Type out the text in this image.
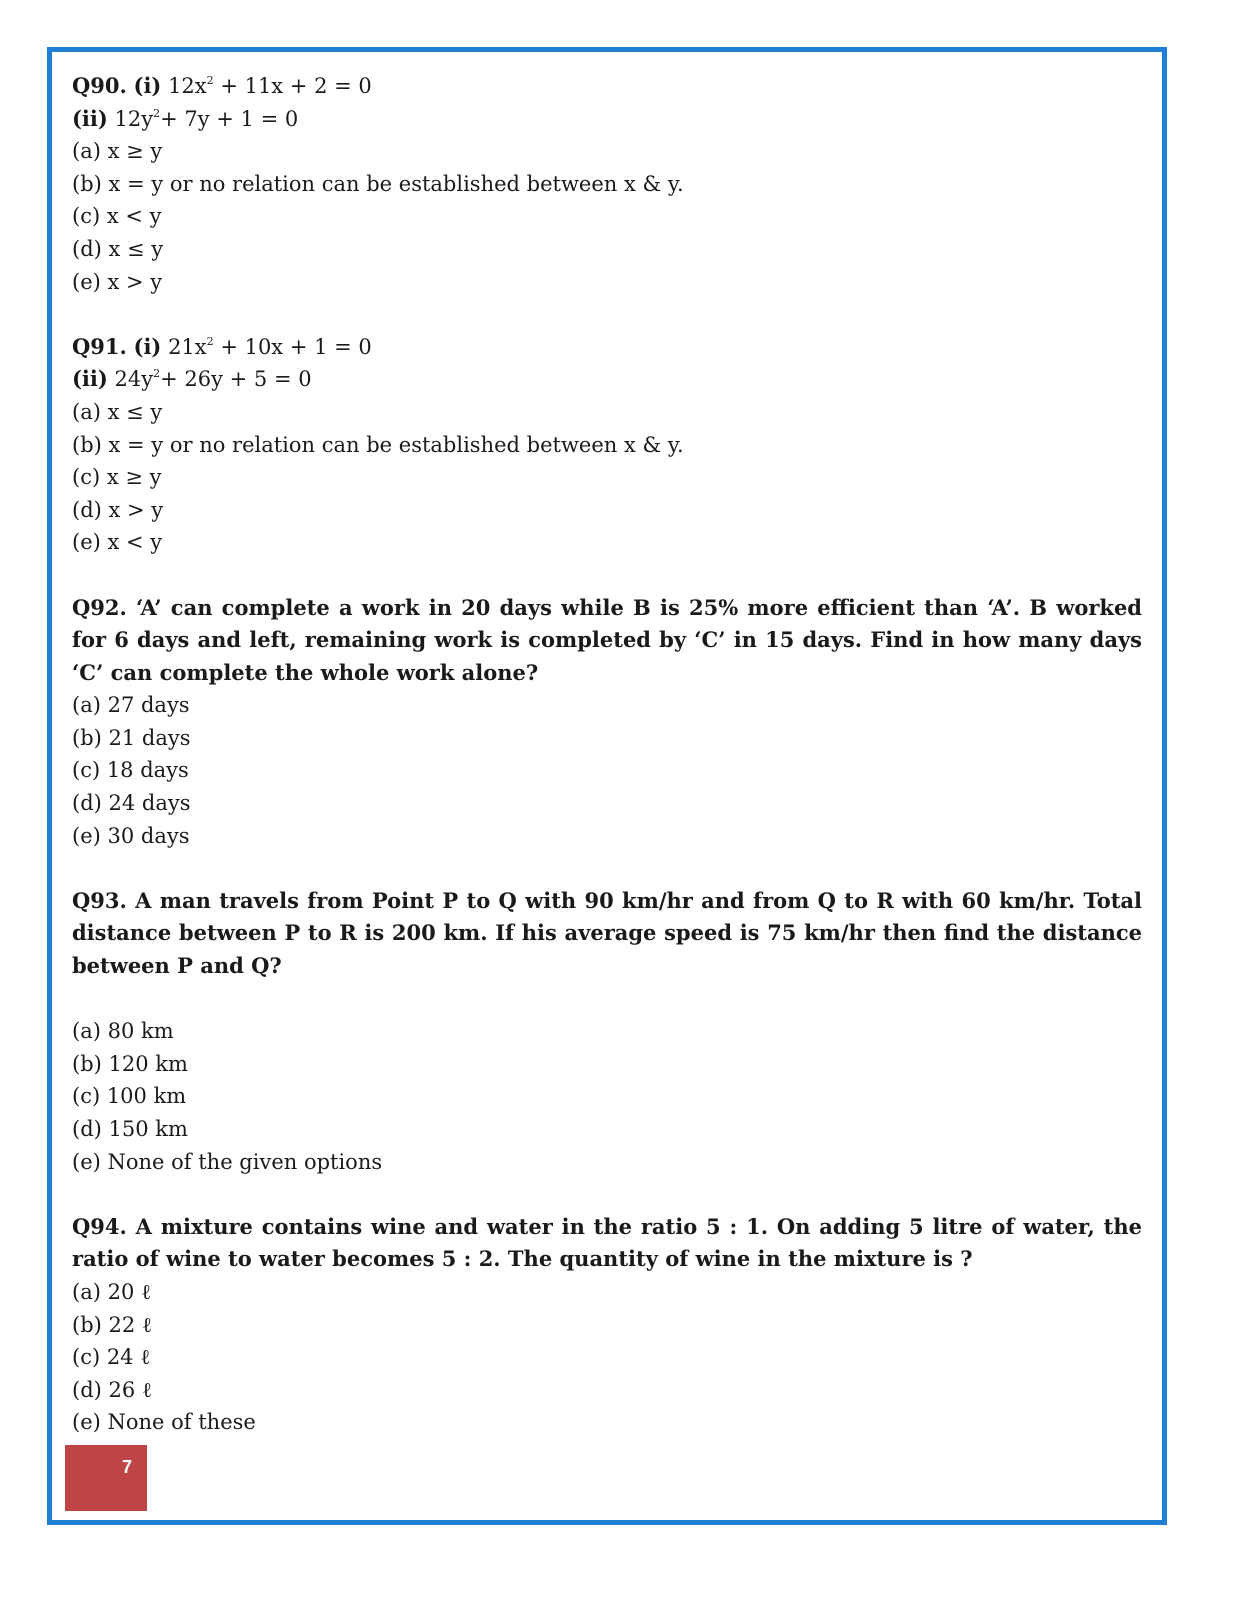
Q90. (i) $12x^2 + 11x + 2 = 0$
(ii) $12y^2+ 7y + 1 = 0$
(a) x ≥ y
(b) x = y or no relation can be established between x & y.
(c) x < y
(d) x ≤ y
(e) x > y
Q91. (i) $21x^2 + 10x + 1 = 0$
(ii) $24y^2+ 26y + 5 = 0$
(a) x ≤ y
(b) x = y or no relation can be established between x & y.
(c) x ≥ y
(d) x > y
(e) x < y
Q92. ‘A’ can complete a work in 20 days while B is 25% more efficient than ‘A’. B worked for 6 days and left, remaining work is completed by ‘C’ in 15 days. Find in how many days ‘C’ can complete the whole work alone?
(a) 27 days
(b) 21 days
(c) 18 days
(d) 24 days
(e) 30 days
Q93. A man travels from Point P to Q with 90 km/hr and from Q to R with 60 km/hr. Total distance between P to R is 200 km. If his average speed is 75 km/hr then find the distance between P and Q?
(a) 80 km
(b) 120 km
(c) 100 km
(d) 150 km
(e) None of the given options
Q94. A mixture contains wine and water in the ratio 5 : 1. On adding 5 litre of water, the ratio of wine to water becomes 5 : 2. The quantity of wine in the mixture is ?
(a) 20 ℓ
(b) 22 ℓ
(c) 24 ℓ
(d) 26 ℓ
(e) None of these
7
